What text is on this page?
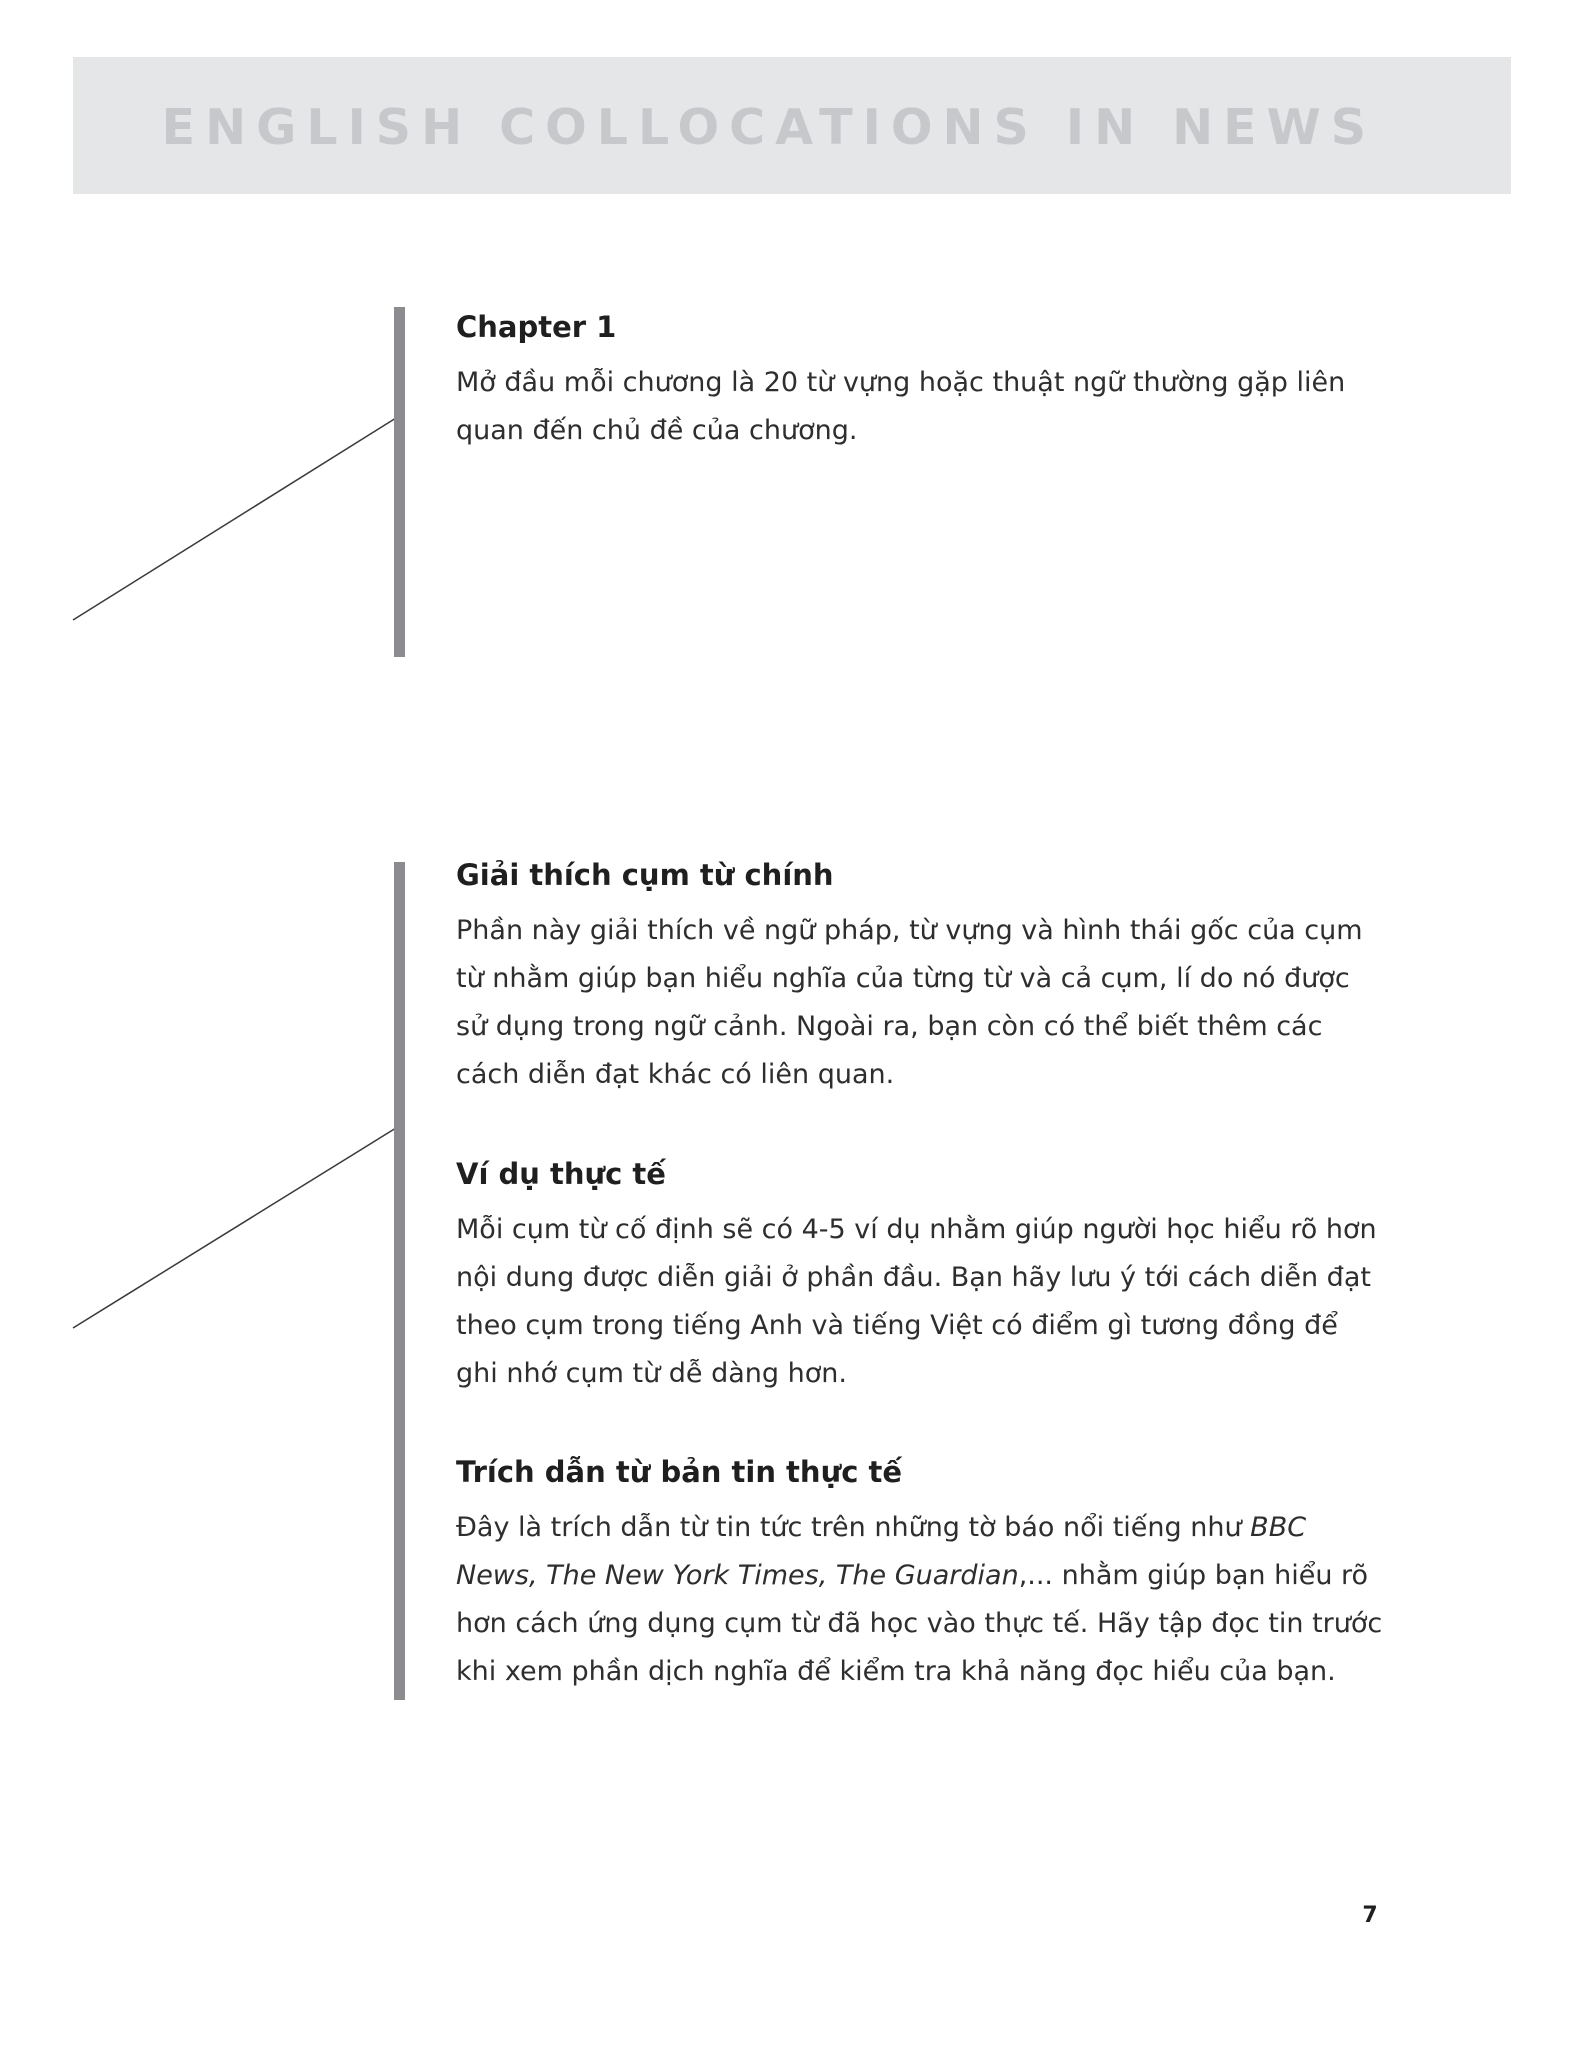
ENGLISH COLLOCATIONS IN NEWS
Chapter 1

Mở đầu mỗi chương là 20 từ vựng hoặc thuật ngữ thường gặp liên quan đến chủ đề của chương.

Giải thích cụm từ chính

Phần này giải thích về ngữ pháp, từ vựng và hình thái gốc của cụm từ nhằm giúp bạn hiểu nghĩa của từng từ và cả cụm, lí do nó được sử dụng trong ngữ cảnh. Ngoài ra, bạn còn có thể biết thêm các cách diễn đạt khác có liên quan.

Ví dụ thực tế

Mỗi cụm từ cố định sẽ có 4-5 ví dụ nhằm giúp người học hiểu rõ hơn nội dung được diễn giải ở phần đầu. Bạn hãy lưu ý tới cách diễn đạt theo cụm trong tiếng Anh và tiếng Việt có điểm gì tương đồng để ghi nhớ cụm từ dễ dàng hơn.

Trích dẫn từ bản tin thực tế

Đây là trích dẫn từ tin tức trên những tờ báo nổi tiếng như BBC News, The New York Times, The Guardian,... nhằm giúp bạn hiểu rõ hơn cách ứng dụng cụm từ đã học vào thực tế. Hãy tập đọc tin trước khi xem phần dịch nghĩa để kiểm tra khả năng đọc hiểu của bạn.

7
